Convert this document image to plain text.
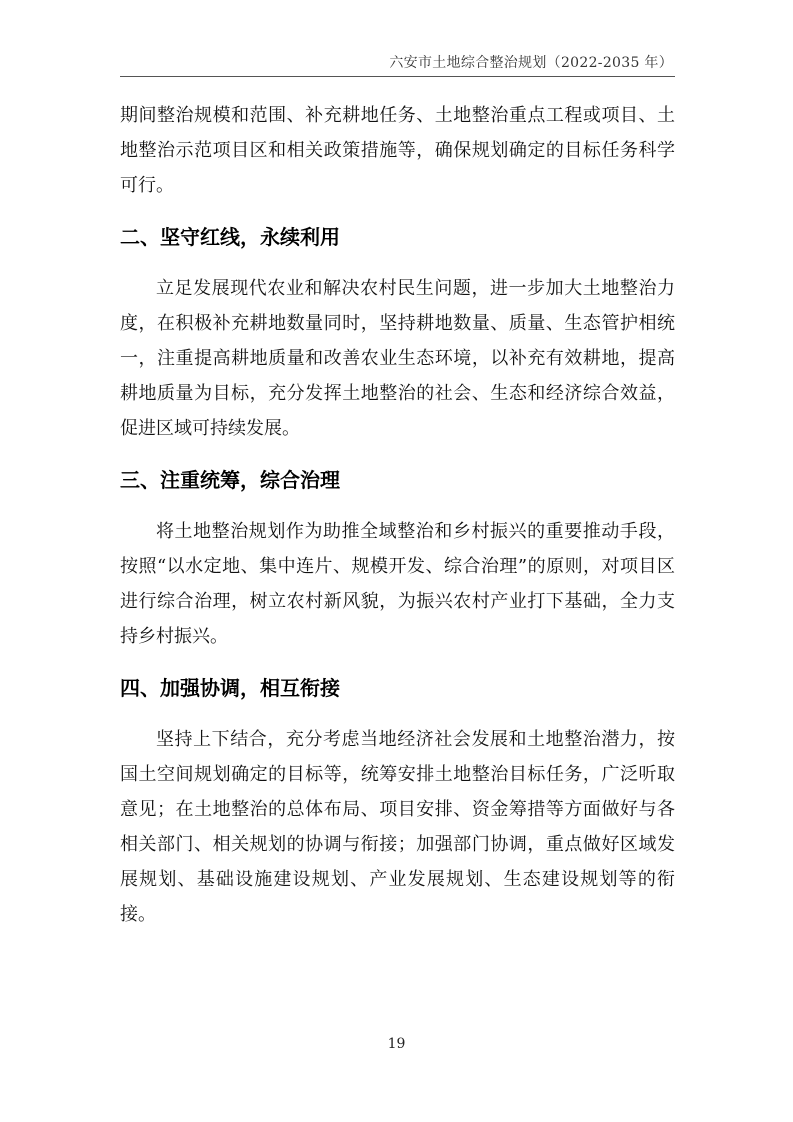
六安市土地综合整治规划（2022-2035 年）

期间整治规模和范围、补充耕地任务、土地整治重点工程或项目、土地整治示范项目区和相关政策措施等，确保规划确定的目标任务科学可行。

二、坚守红线，永续利用

立足发展现代农业和解决农村民生问题，进一步加大土地整治力度，在积极补充耕地数量同时，坚持耕地数量、质量、生态管护相统一，注重提高耕地质量和改善农业生态环境，以补充有效耕地，提高耕地质量为目标，充分发挥土地整治的社会、生态和经济综合效益，促进区域可持续发展。

三、注重统筹，综合治理

将土地整治规划作为助推全域整治和乡村振兴的重要推动手段，按照“以水定地、集中连片、规模开发、综合治理”的原则，对项目区进行综合治理，树立农村新风貌，为振兴农村产业打下基础，全力支持乡村振兴。

四、加强协调，相互衔接

坚持上下结合，充分考虑当地经济社会发展和土地整治潜力，按国土空间规划确定的目标等，统筹安排土地整治目标任务，广泛听取意见；在土地整治的总体布局、项目安排、资金筹措等方面做好与各相关部门、相关规划的协调与衔接；加强部门协调，重点做好区域发展规划、基础设施建设规划、产业发展规划、生态建设规划等的衔接。

19
